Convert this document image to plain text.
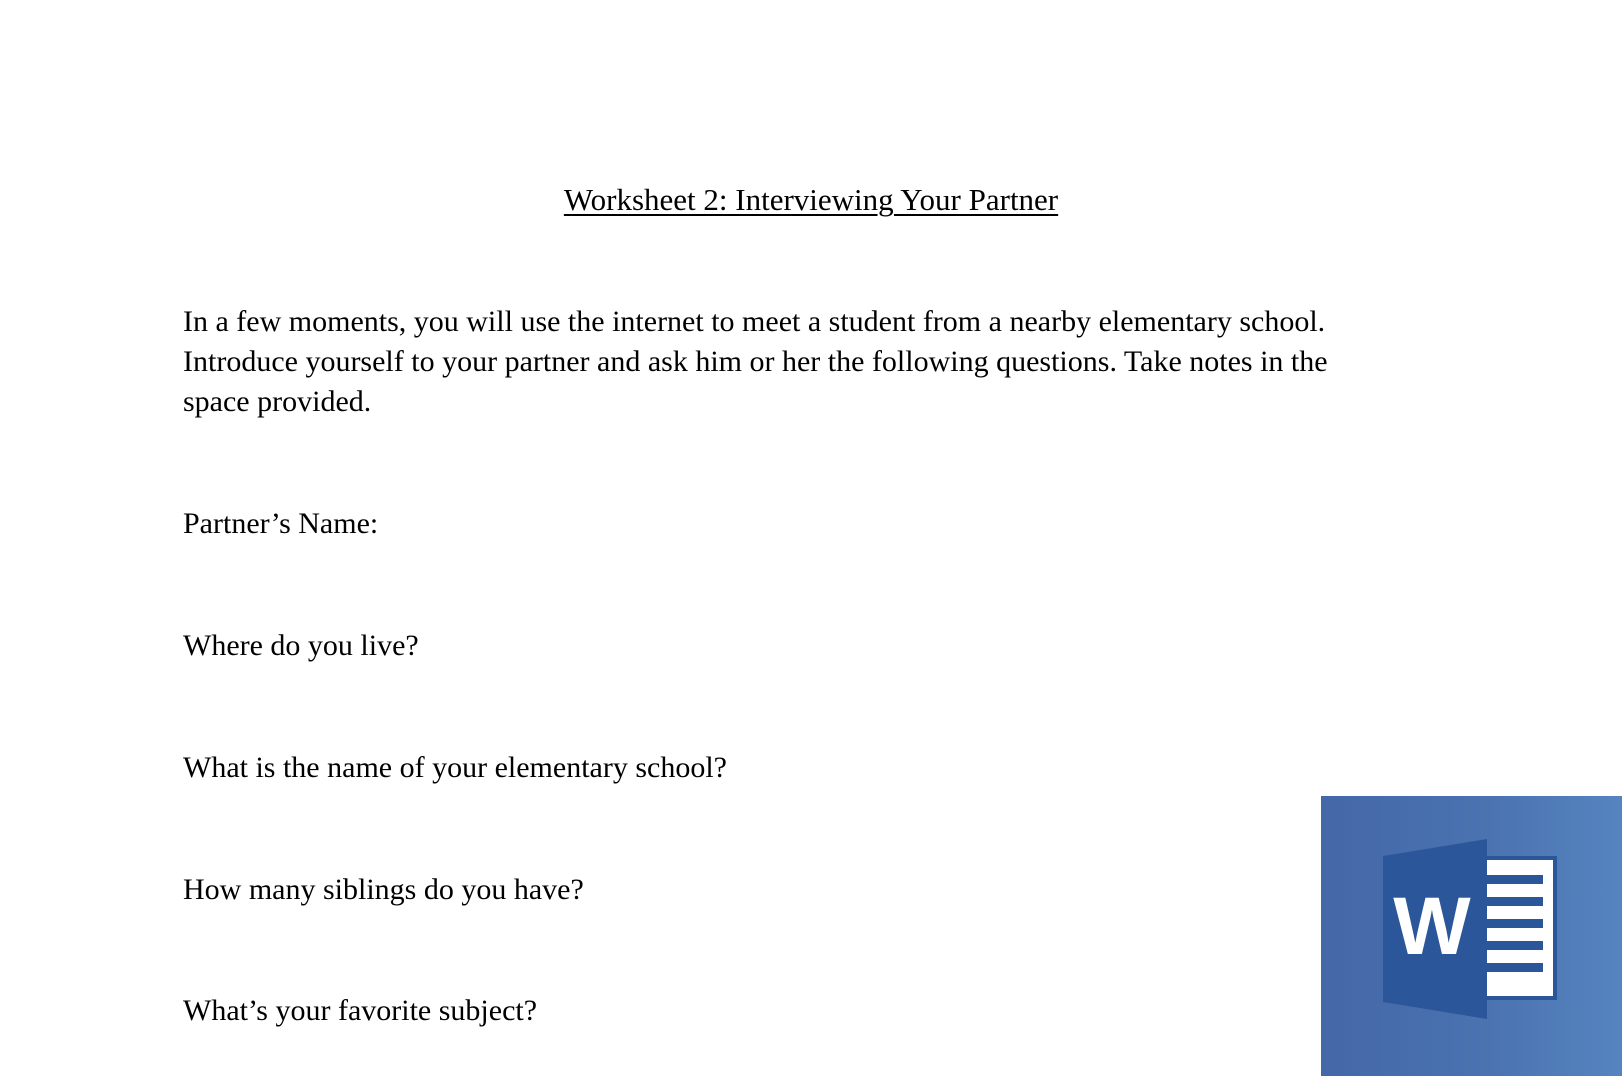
Worksheet 2: Interviewing Your Partner
In a few moments, you will use the internet to meet a student from a nearby elementary school.
Introduce yourself to your partner and ask him or her the following questions. Take notes in the
space provided.
Partner’s Name:
Where do you live?
What is the name of your elementary school?
How many siblings do you have?
What’s your favorite subject?
W
